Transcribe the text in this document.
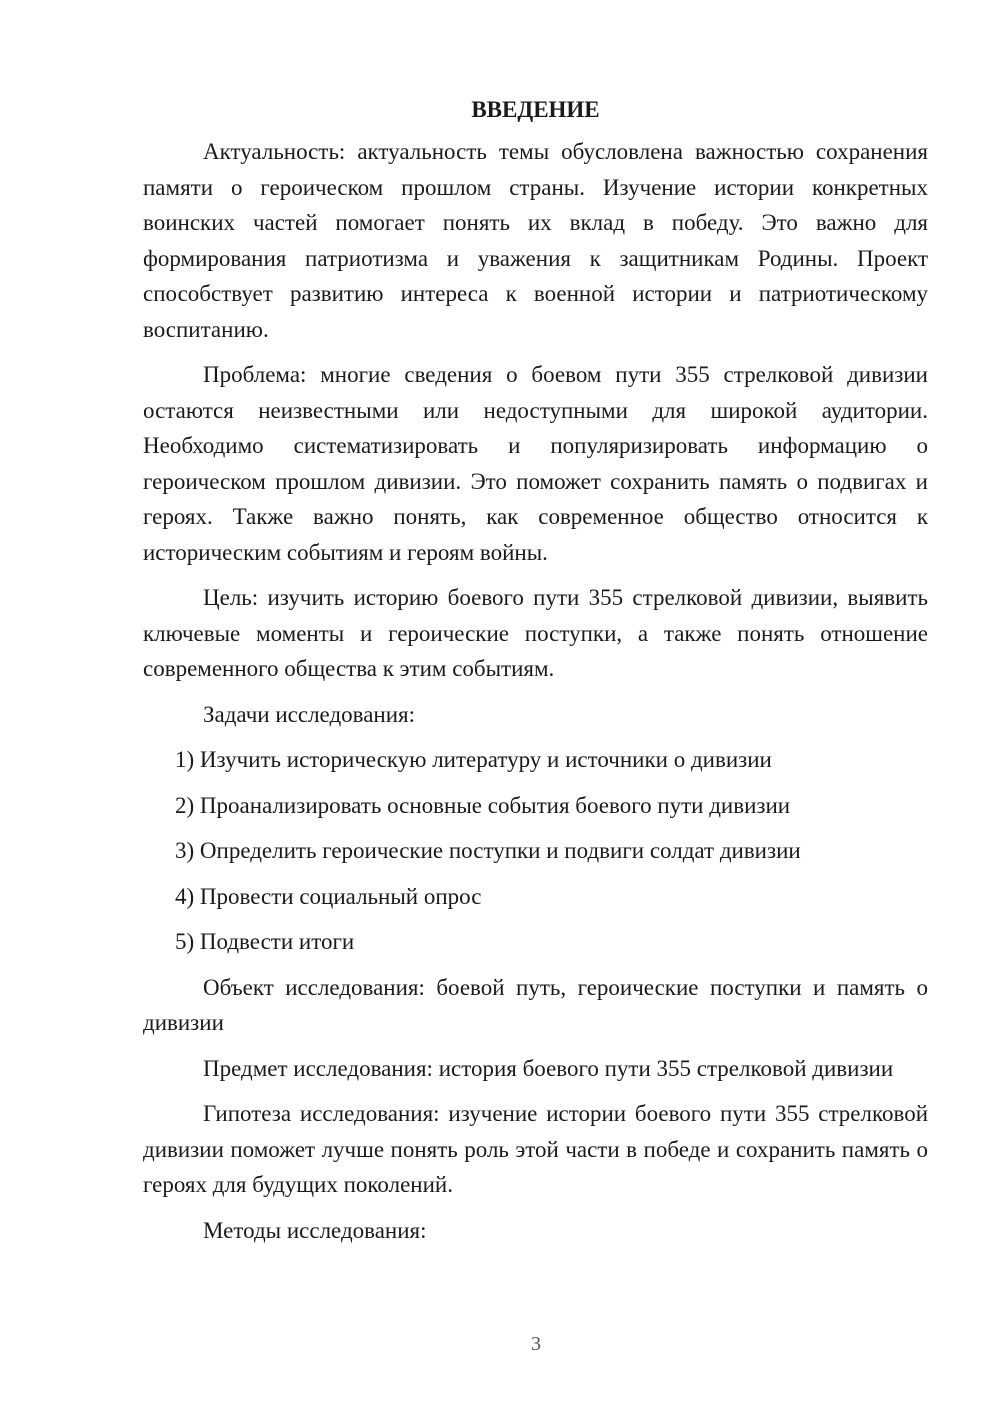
ВВЕДЕНИЕ

Актуальность: актуальность темы обусловлена важностью сохранения памяти о героическом прошлом страны. Изучение истории конкретных воинских частей помогает понять их вклад в победу. Это важно для формирования патриотизма и уважения к защитникам Родины. Проект способствует развитию интереса к военной истории и патриотическому воспитанию.

Проблема: многие сведения о боевом пути 355 стрелковой дивизии остаются неизвестными или недоступными для широкой аудитории. Необходимо систематизировать и популяризировать информацию о героическом прошлом дивизии. Это поможет сохранить память о подвигах и героях. Также важно понять, как современное общество относится к историческим событиям и героям войны.

Цель: изучить историю боевого пути 355 стрелковой дивизии, выявить ключевые моменты и героические поступки, а также понять отношение современного общества к этим событиям.

Задачи исследования:

1) Изучить историческую литературу и источники о дивизии
2) Проанализировать основные события боевого пути дивизии
3) Определить героические поступки и подвиги солдат дивизии
4) Провести социальный опрос
5) Подвести итоги

Объект исследования: боевой путь, героические поступки и память о дивизии

Предмет исследования: история боевого пути 355 стрелковой дивизии

Гипотеза исследования: изучение истории боевого пути 355 стрелковой дивизии поможет лучше понять роль этой части в победе и сохранить память о героях для будущих поколений.

Методы исследования:

3
